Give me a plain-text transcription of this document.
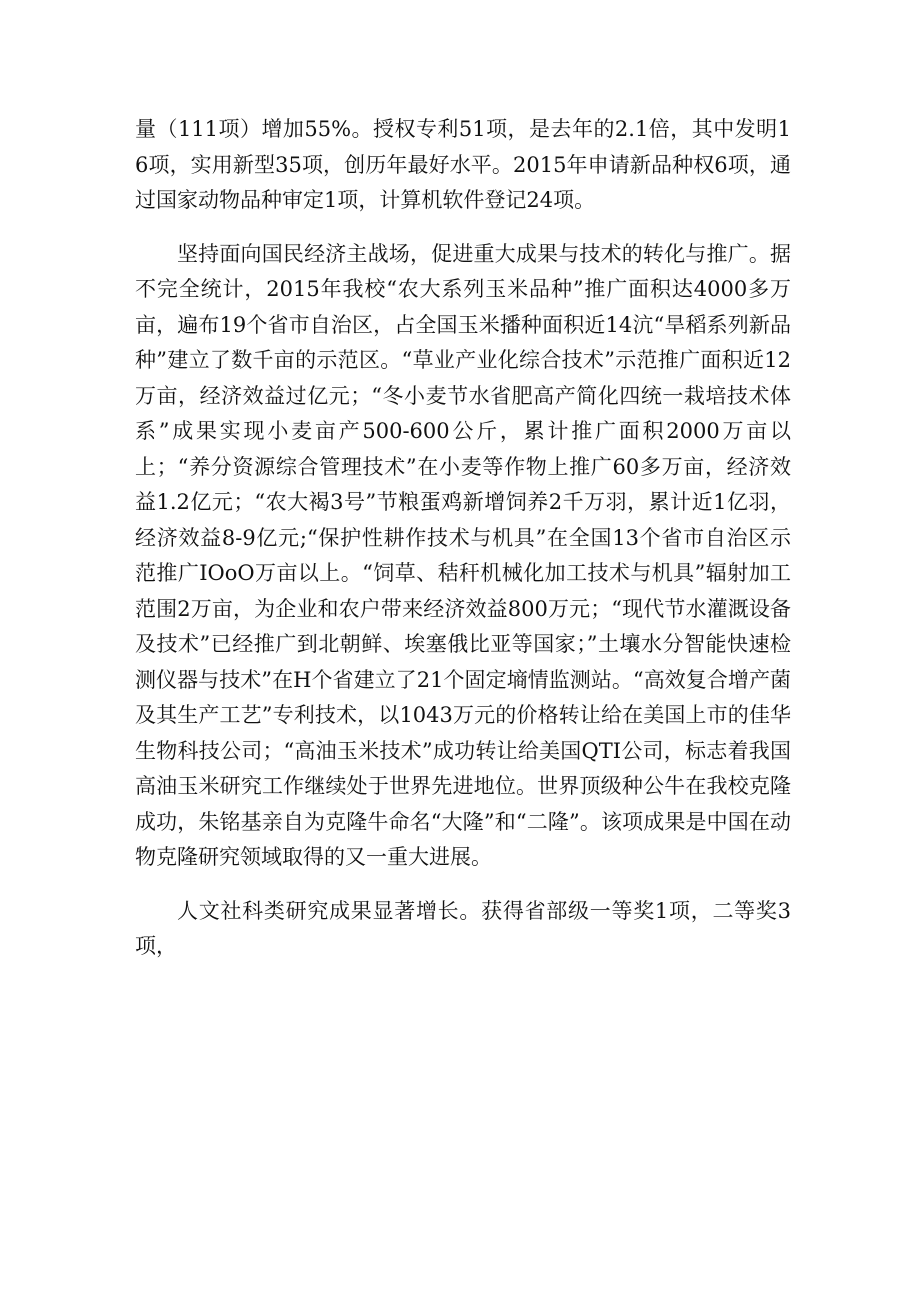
量（111项）增加55%。授权专利51项，是去年的2.1倍，其中发明16项，实用新型35项，创历年最好水平。2015年申请新品种权6项，通过国家动物品种审定1项，计算机软件登记24项。

坚持面向国民经济主战场，促进重大成果与技术的转化与推广。据不完全统计，2015年我校“农大系列玉米品种”推广面积达4000多万亩，遍布19个省市自治区，占全国玉米播种面积近14沆“旱稻系列新品种”建立了数千亩的示范区。“草业产业化综合技术”示范推广面积近12万亩，经济效益过亿元；“冬小麦节水省肥高产简化四统一栽培技术体系”成果实现小麦亩产500-600公斤，累计推广面积2000万亩以上；“养分资源综合管理技术”在小麦等作物上推广60多万亩，经济效益1.2亿元；“农大褐3号”节粮蛋鸡新增饲养2千万羽，累计近1亿羽，经济效益8-9亿元;“保护性耕作技术与机具”在全国13个省市自治区示范推广IOoO万亩以上。“饲草、秸秆机械化加工技术与机具”辐射加工范围2万亩，为企业和农户带来经济效益800万元；“现代节水灌溉设备及技术”已经推广到北朝鲜、埃塞俄比亚等国家；”土壤水分智能快速检测仪器与技术”在H个省建立了21个固定墒情监测站。“高效复合增产菌及其生产工艺”专利技术，以1043万元的价格转让给在美国上市的佳华生物科技公司；“高油玉米技术”成功转让给美国QTI公司，标志着我国高油玉米研究工作继续处于世界先进地位。世界顶级种公牛在我校克隆成功，朱铭基亲自为克隆牛命名“大隆”和“二隆”。该项成果是中国在动物克隆研究领域取得的又一重大进展。

人文社科类研究成果显著增长。获得省部级一等奖1项，二等奖3项，
